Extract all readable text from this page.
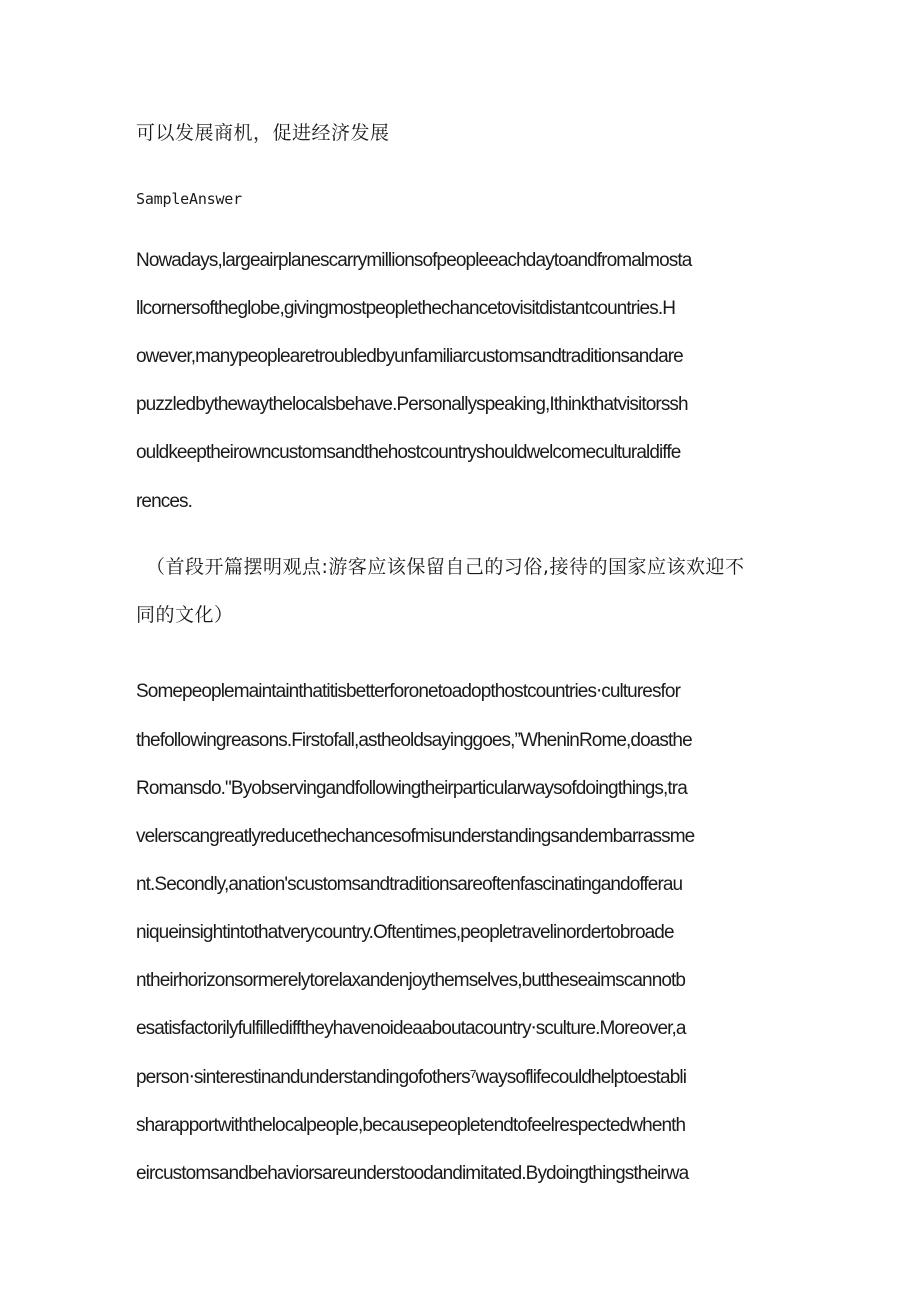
可以发展商机，促进经济发展
SampleAnswer
Nowadays,largeairplanescarrymillionsofpeopleeachdaytoandfromalmosta
llcornersoftheglobe,givingmostpeoplethechancetovisitdistantcountries.H
owever,manypeoplearetroubledbyunfamiliarcustomsandtraditionsandare
puzzledbythewaythelocalsbehave.Personallyspeaking,Ithinkthatvisitorssh
ouldkeeptheirowncustomsandthehostcountryshouldwelcomeculturaldiffe
rences.
（首段开篇摆明观点:游客应该保留自己的习俗,接待的国家应该欢迎不
同的文化）
Somepeoplemaintainthatitisbetterforonetoadopthostcountries‧culturesfor
thefollowingreasons.Firstofall,astheoldsayinggoes,”WheninRome,doasthe
Romansdo."Byobservingandfollowingtheirparticularwaysofdoingthings,tra
velerscangreatlyreducethechancesofmisunderstandingsandembarrassme
nt.Secondly,anation'scustomsandtraditionsareoftenfascinatingandofferau
niqueinsightintothatverycountry.Oftentimes,peopletravelinordertobroade
ntheirhorizonsormerelytorelaxandenjoythemselves,buttheseaimscannotb
esatisfactorilyfulfilledifftheyhavenoideaaboutacountry‧sculture.Moreover,a
person‧sinterestinandunderstandingofothers⁷waysoflifecouldhelptoestabli
sharapportwiththelocalpeople,becausepeopletendtofeelrespectedwhenth
eircustomsandbehaviorsareunderstoodandimitated.Bydoingthingstheirwa
